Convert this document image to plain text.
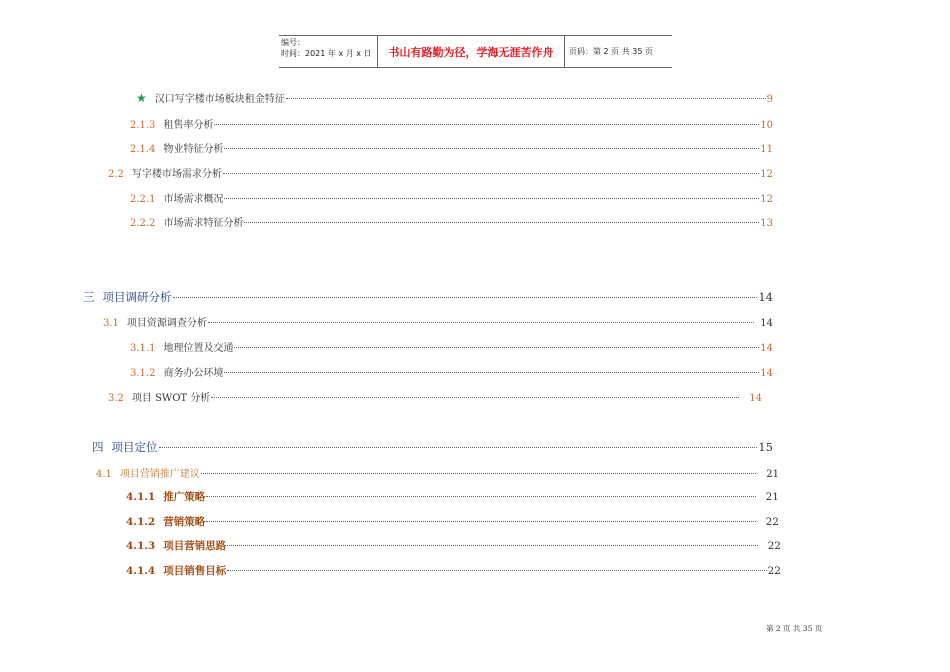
编号：
时间：2021 年 x 月 x 日	书山有路勤为径，学海无涯苦作舟	页码：第 2 页 共 35 页
★ 汉口写字楼市场板块租金特征	9
2.1.3 租售率分析	10
2.1.4 物业特征分析	11
2.2 写字楼市场需求分析	12
2.2.1 市场需求概况	12
2.2.2 市场需求特征分析	13
三 项目调研分析	14
3.1 项目资源调查分析	14
3.1.1 地理位置及交通	14
3.1.2 商务办公环境	14
3.2 项目 SWOT 分析	14
四 项目定位	15
4.1 项目营销推广建议	21
4.1.1 推广策略	21
4.1.2 营销策略	22
4.1.3 项目营销思路	22
4.1.4 项目销售目标	22
第 2 页 共 35 页
